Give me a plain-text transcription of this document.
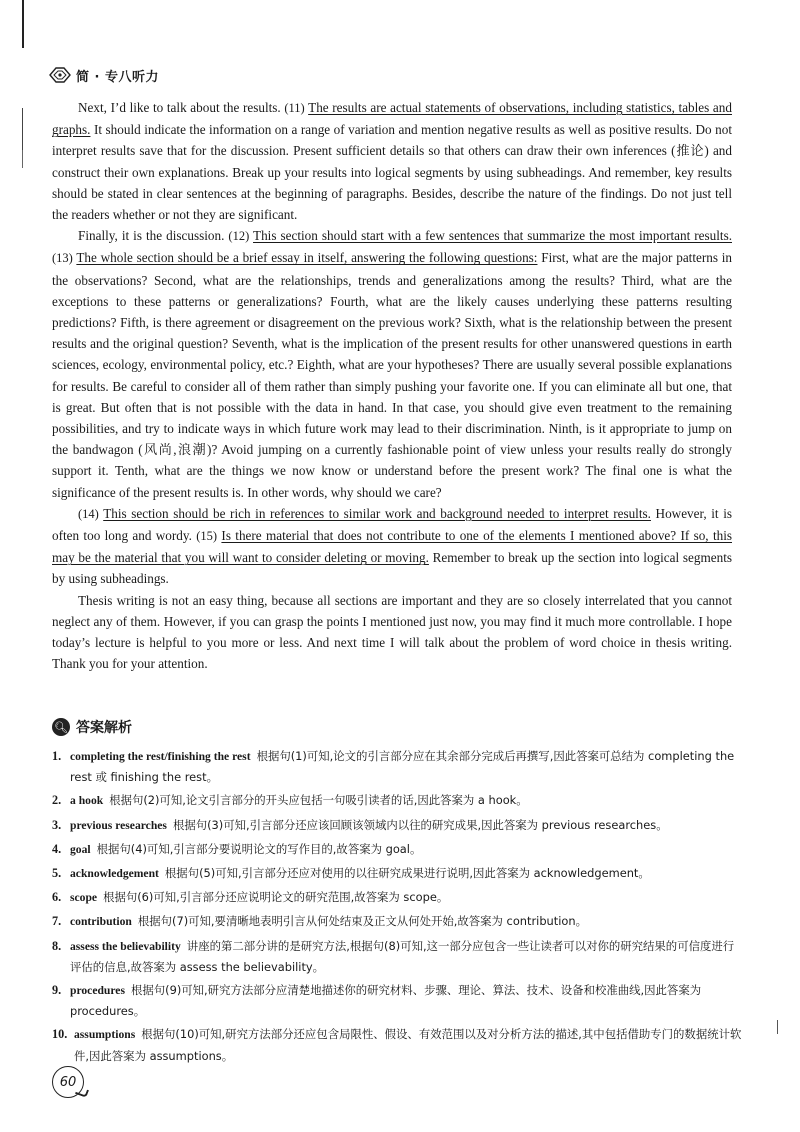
简 · 专八听力

Next, I’d like to talk about the results. (11) The results are actual statements of observations, including statistics, tables and graphs. It should indicate the information on a range of variation and mention negative results as well as positive results. Do not interpret results save that for the discussion. Present sufficient details so that others can draw their own inferences (推论) and construct their own explanations. Break up your results into logical segments by using subheadings. And remember, key results should be stated in clear sentences at the beginning of paragraphs. Besides, describe the nature of the findings. Do not just tell the readers whether or not they are significant.

Finally, it is the discussion. (12) This section should start with a few sentences that summarize the most important results. (13) The whole section should be a brief essay in itself, answering the following questions: First, what are the major patterns in the observations? Second, what are the relationships, trends and generalizations among the results? Third, what are the exceptions to these patterns or generalizations? Fourth, what are the likely causes underlying these patterns resulting predictions? Fifth, is there agreement or disagreement on the previous work? Sixth, what is the relationship between the present results and the original question? Seventh, what is the implication of the present results for other unanswered questions in earth sciences, ecology, environmental policy, etc.? Eighth, what are your hypotheses? There are usually several possible explanations for results. Be careful to consider all of them rather than simply pushing your favorite one. If you can eliminate all but one, that is great. But often that is not possible with the data in hand. In that case, you should give even treatment to the remaining possibilities, and try to indicate ways in which future work may lead to their discrimination. Ninth, is it appropriate to jump on the bandwagon (风尚,浪潮)? Avoid jumping on a currently fashionable point of view unless your results really do strongly support it. Tenth, what are the things we now know or understand before the present work? The final one is what the significance of the present results is. In other words, why should we care?

(14) This section should be rich in references to similar work and background needed to interpret results. However, it is often too long and wordy. (15) Is there material that does not contribute to one of the elements I mentioned above? If so, this may be the material that you will want to consider deleting or moving. Remember to break up the section into logical segments by using subheadings.

Thesis writing is not an easy thing, because all sections are important and they are so closely interrelated that you cannot neglect any of them. However, if you can grasp the points I mentioned just now, you may find it much more controllable. I hope today’s lecture is helpful to you more or less. And next time I will talk about the problem of word choice in thesis writing. Thank you for your attention.

🔍︎ 答案解析
1. completing the rest/finishing the rest 根据句(1)可知,论文的引言部分应在其余部分完成后再撰写,因此答案可总结为 completing the rest 或 finishing the rest。
2. a hook 根据句(2)可知,论文引言部分的开头应包括一句吸引读者的话,因此答案为 a hook。
3. previous researches 根据句(3)可知,引言部分还应该回顾该领域内以往的研究成果,因此答案为 previous researches。
4. goal 根据句(4)可知,引言部分要说明论文的写作目的,故答案为 goal。
5. acknowledgement 根据句(5)可知,引言部分还应对使用的以往研究成果进行说明,因此答案为 acknowledgement。
6. scope 根据句(6)可知,引言部分还应说明论文的研究范围,故答案为 scope。
7. contribution 根据句(7)可知,要清晰地表明引言从何处结束及正文从何处开始,故答案为 contribution。
8. assess the believability 讲座的第二部分讲的是研究方法,根据句(8)可知,这一部分应包含一些让读者可以对你的研究结果的可信度进行评估的信息,故答案为 assess the believability。
9. procedures 根据句(9)可知,研究方法部分应清楚地描述你的研究材料、步骤、理论、算法、技术、设备和校准曲线,因此答案为 procedures。
10. assumptions 根据句(10)可知,研究方法部分还应包含局限性、假设、有效范围以及对分析方法的描述,其中包括借助专门的数据统计软件,因此答案为 assumptions。
60
